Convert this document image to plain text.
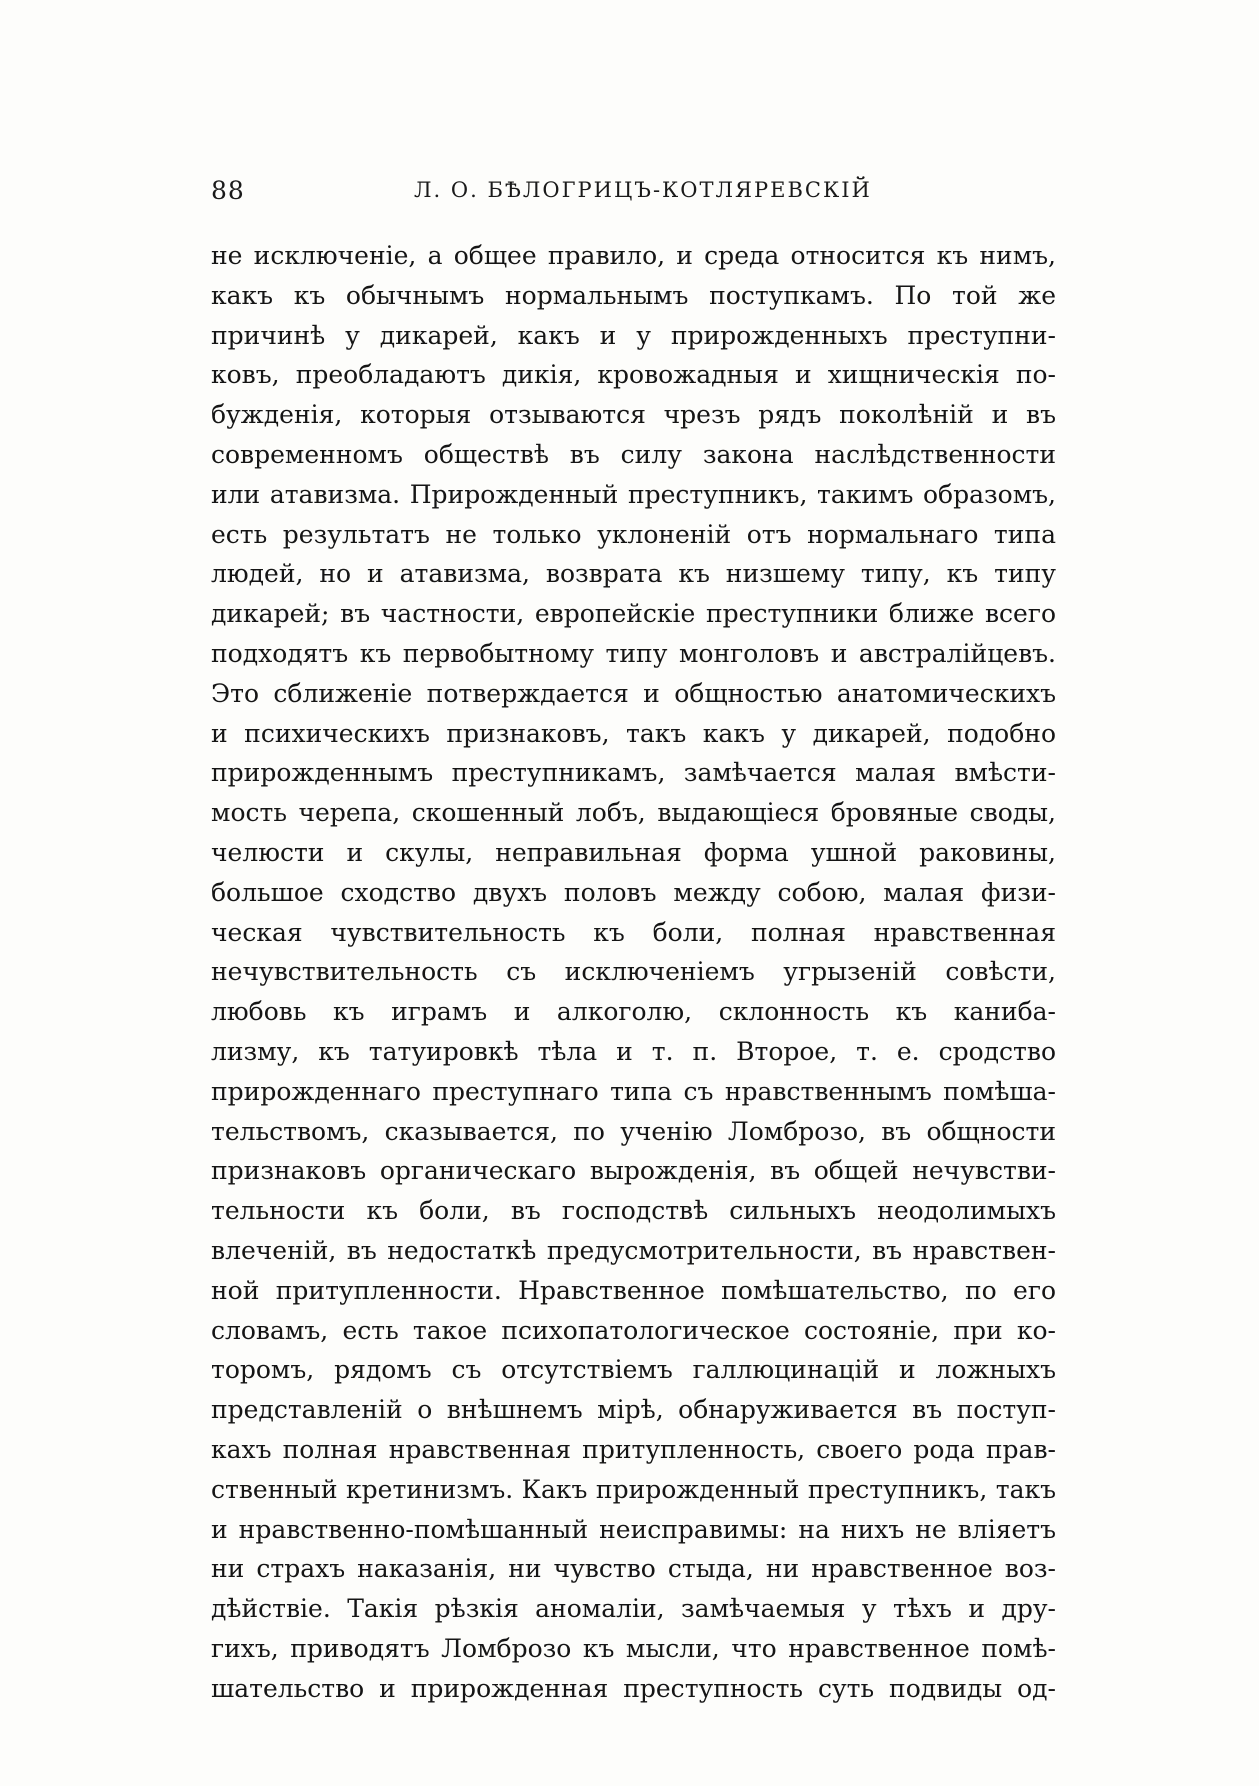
88	Л. О. БѢЛОГРИЦЪ-КОТЛЯРЕВСКІЙ
не исключеніе, а общее правило, и среда относится къ нимъ,
какъ къ обычнымъ нормальнымъ поступкамъ. По той же
причинѣ у дикарей, какъ и у прирожденныхъ преступни-
ковъ, преобладаютъ дикія, кровожадныя и хищническія по-
бужденія, которыя отзываются чрезъ рядъ поколѣній и въ
современномъ обществѣ въ силу закона наслѣдственности
или атавизма. Прирожденный преступникъ, такимъ образомъ,
есть результатъ не только уклоненій отъ нормальнаго типа
людей, но и атавизма, возврата къ низшему типу, къ типу
дикарей; въ частности, европейскіе преступники ближе всего
подходятъ къ первобытному типу монголовъ и австралійцевъ.
Это сближеніе потверждается и общностью анатомическихъ
и психическихъ признаковъ, такъ какъ у дикарей, подобно
прирожденнымъ преступникамъ, замѣчается малая вмѣсти-
мость черепа, скошенный лобъ, выдающіеся бровяные своды,
челюсти и скулы, неправильная форма ушной раковины,
большое сходство двухъ половъ между собою, малая физи-
ческая чувствительность къ боли, полная нравственная
нечувствительность съ исключеніемъ угрызеній совѣсти,
любовь къ играмъ и алкоголю, склонность къ каниба-
лизму, къ татуировкѣ тѣла и т. п. Второе, т. е. сродство
прирожденнаго преступнаго типа съ нравственнымъ помѣша-
тельствомъ, сказывается, по ученію Ломброзо, въ общности
признаковъ органическаго вырожденія, въ общей нечувстви-
тельности къ боли, въ господствѣ сильныхъ неодолимыхъ
влеченій, въ недостаткѣ предусмотрительности, въ нравствен-
ной притупленности. Нравственное помѣшательство, по его
словамъ, есть такое психопатологическое состояніе, при ко-
торомъ, рядомъ съ отсутствіемъ галлюцинацій и ложныхъ
представленій о внѣшнемъ мірѣ, обнаруживается въ поступ-
кахъ полная нравственная притупленность, своего рода прав-
ственный кретинизмъ. Какъ прирожденный преступникъ, такъ
и нравственно-помѣшанный неисправимы: на нихъ не вліяетъ
ни страхъ наказанія, ни чувство стыда, ни нравственное воз-
дѣйствіе. Такія рѣзкія аномаліи, замѣчаемыя у тѣхъ и дру-
гихъ, приводятъ Ломброзо къ мысли, что нравственное помѣ-
шательство и прирожденная преступность суть подвиды од-
